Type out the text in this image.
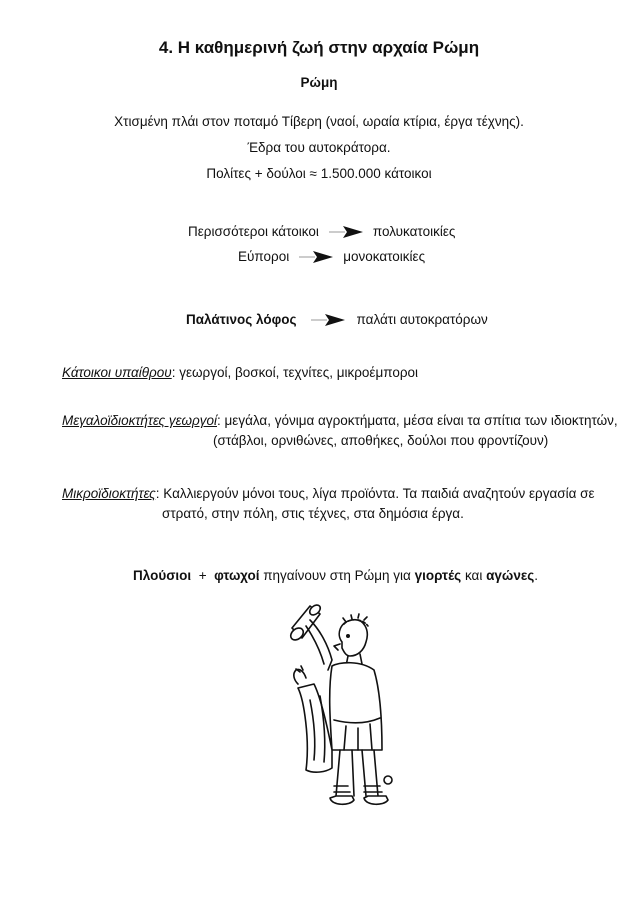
4. Η καθημερινή ζωή στην αρχαία Ρώμη
Ρώμη
Χτισμένη πλάι στον ποταμό Τίβερη (ναοί, ωραία κτίρια, έργα τέχνης).
Έδρα του αυτοκράτορα.
Πολίτες + δούλοι ≈ 1.500.000 κάτοικοι
Περισσότεροι κάτοικοι	πολυκατοικίες
Εύποροι	μονοκατοικίες
Παλάτινος λόφος	παλάτι αυτοκρατόρων
Κάτοικοι υπαίθρου: γεωργοί, βοσκοί, τεχνίτες, μικροέμποροι
Μεγαλοϊδιοκτήτες γεωργοί: μεγάλα, γόνιμα αγροκτήματα, μέσα είναι τα σπίτια των ιδιοκτητών,
(στάβλοι, ορνιθώνες, αποθήκες, δούλοι που φροντίζουν)
Μικροϊδιοκτήτες: Καλλιεργούν μόνοι τους, λίγα προϊόντα. Τα παιδιά αναζητούν εργασία σε
στρατό, στην πόλη, στις τέχνες, στα δημόσια έργα.
Πλούσιοι + φτωχοί πηγαίνουν στη Ρώμη για γιορτές και αγώνες.
